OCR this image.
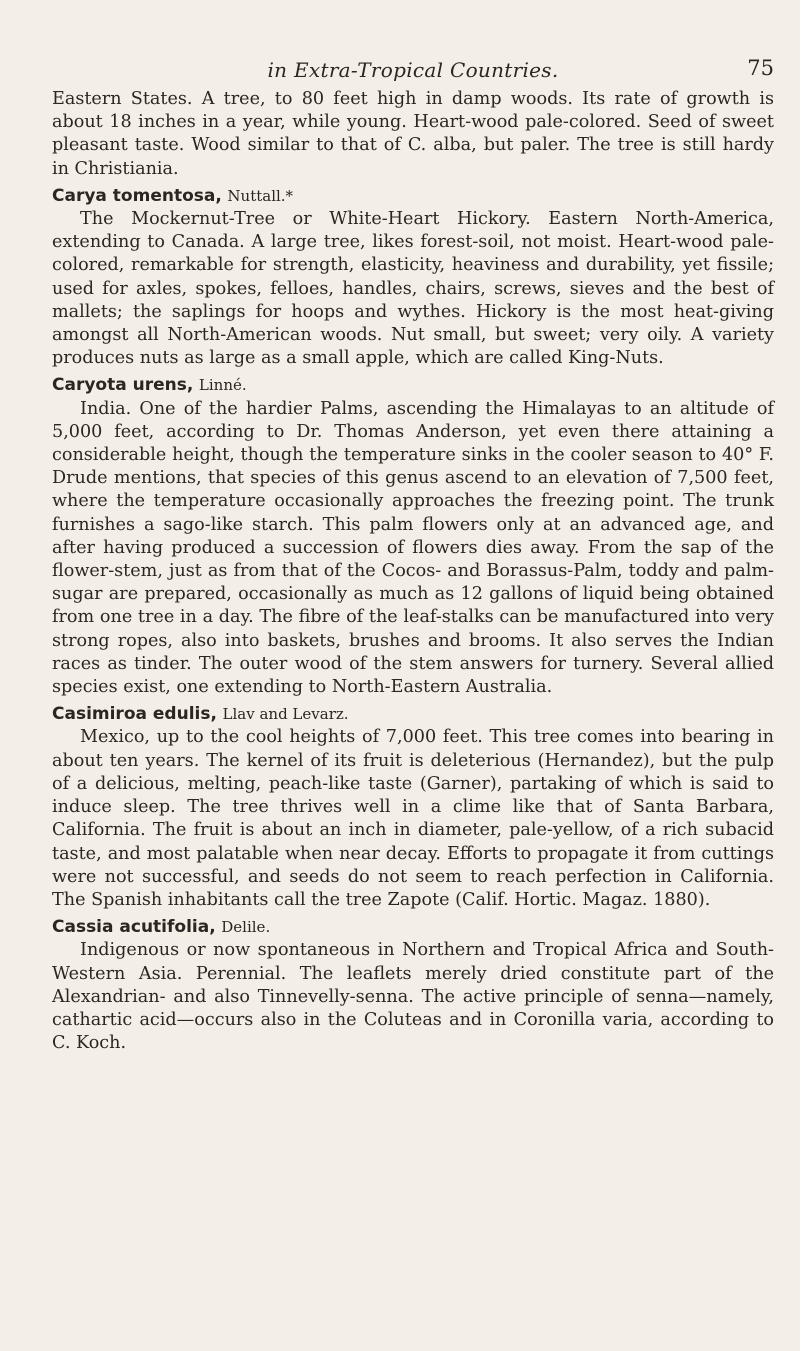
in Extra-Tropical Countries.	75

Eastern States. A tree, to 80 feet high in damp woods. Its rate of growth is about 18 inches in a year, while young. Heart-wood pale-colored. Seed of sweet pleasant taste. Wood similar to that of C. alba, but paler. The tree is still hardy in Christiania.

Carya tomentosa, Nuttall.*
The Mockernut-Tree or White-Heart Hickory. Eastern North-America, extending to Canada. A large tree, likes forest-soil, not moist. Heart-wood pale-colored, remarkable for strength, elasticity, heaviness and durability, yet fissile; used for axles, spokes, felloes, handles, chairs, screws, sieves and the best of mallets; the saplings for hoops and wythes. Hickory is the most heat-giving amongst all North-American woods. Nut small, but sweet; very oily. A variety produces nuts as large as a small apple, which are called King-Nuts.
Caryota urens, Linné.
India. One of the hardier Palms, ascending the Himalayas to an altitude of 5,000 feet, according to Dr. Thomas Anderson, yet even there attaining a considerable height, though the temperature sinks in the cooler season to 40° F. Drude mentions, that species of this genus ascend to an elevation of 7,500 feet, where the temperature occasionally approaches the freezing point. The trunk furnishes a sago-like starch. This palm flowers only at an advanced age, and after having produced a succession of flowers dies away. From the sap of the flower-stem, just as from that of the Cocos- and Borassus-Palm, toddy and palm-sugar are prepared, occasionally as much as 12 gallons of liquid being obtained from one tree in a day. The fibre of the leaf-stalks can be manufactured into very strong ropes, also into baskets, brushes and brooms. It also serves the Indian races as tinder. The outer wood of the stem answers for turnery. Several allied species exist, one extending to North-Eastern Australia.
Casimiroa edulis, Llav and Levarz.
Mexico, up to the cool heights of 7,000 feet. This tree comes into bearing in about ten years. The kernel of its fruit is deleterious (Hernandez), but the pulp of a delicious, melting, peach-like taste (Garner), partaking of which is said to induce sleep. The tree thrives well in a clime like that of Santa Barbara, California. The fruit is about an inch in diameter, pale-yellow, of a rich subacid taste, and most palatable when near decay. Efforts to propagate it from cuttings were not successful, and seeds do not seem to reach perfection in California. The Spanish inhabitants call the tree Zapote (Calif. Hortic. Magaz. 1880).
Cassia acutifolia, Delile.
Indigenous or now spontaneous in Northern and Tropical Africa and South-Western Asia. Perennial. The leaflets merely dried constitute part of the Alexandrian- and also Tinnevelly-senna. The active principle of senna—namely, cathartic acid—occurs also in the Coluteas and in Coronilla varia, according to C. Koch.
